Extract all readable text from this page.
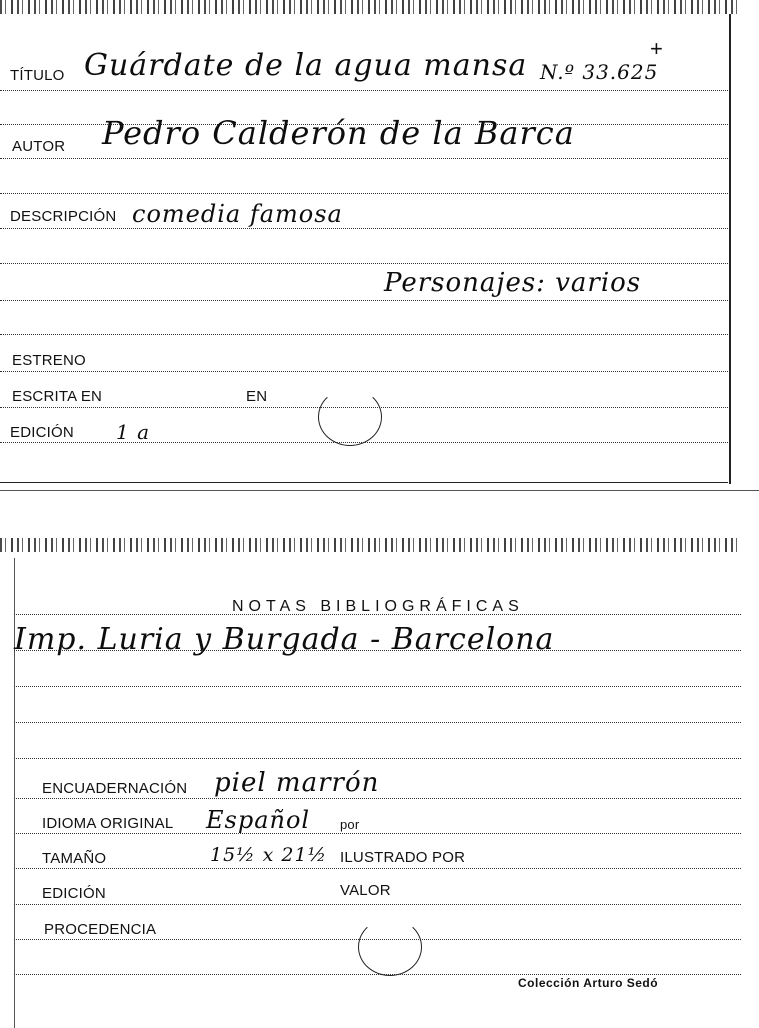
TÍTULO Guárdate de la agua mansa N.º 33.625
+
AUTOR Pedro Calderón de la Barca
DESCRIPCIÓN comedia famosa
Personajes: varios
ESTRENO
ESCRITA EN	EN
EDICIÓN 1 a
NOTAS BIBLIOGRÁFICAS
Imp. Luria y Burgada - Barcelona
ENCUADERNACIÓN piel marrón
IDIOMA ORIGINAL Español por
TAMAÑO	15½ x 21½ ILUSTRADO POR
EDICIÓN	VALOR
PROCEDENCIA
Colección Arturo Sedó
